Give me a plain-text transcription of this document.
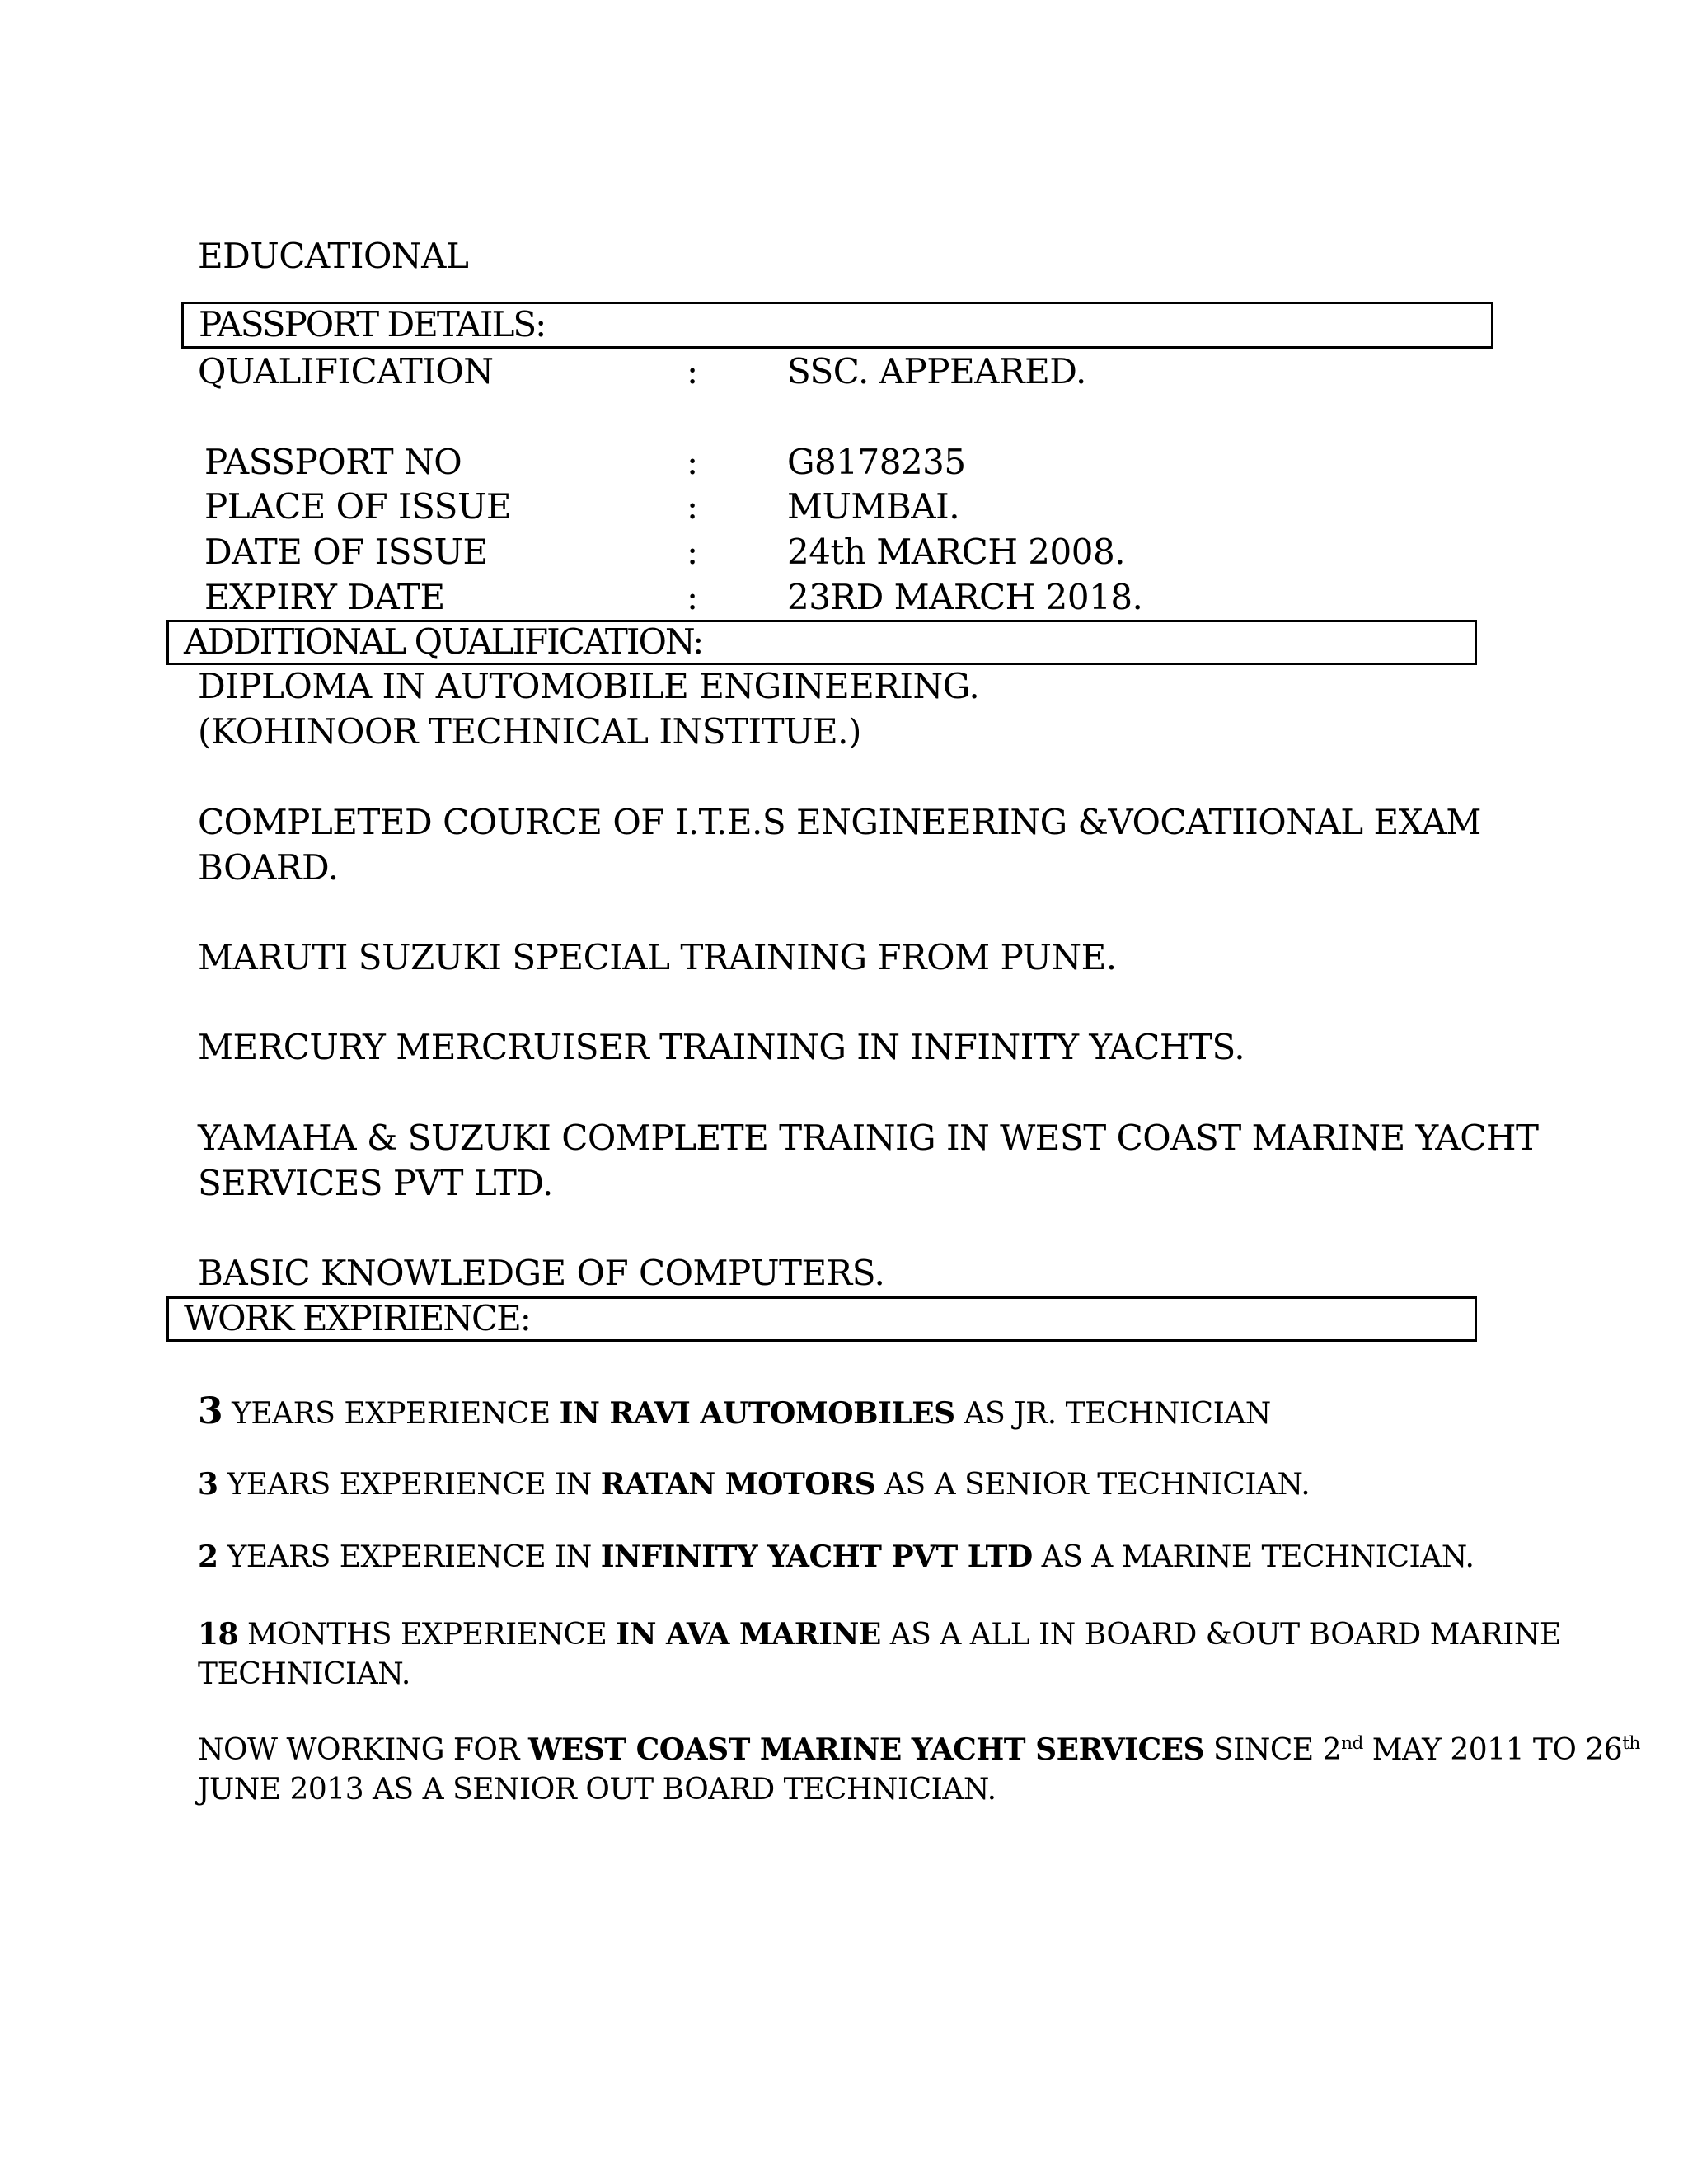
EDUCATIONAL
PASSPORT DETAILS:
QUALIFICATION	:	SSC. APPEARED.
PASSPORT NO	:	G8178235
PLACE OF ISSUE	:	MUMBAI.
DATE OF ISSUE	:	24th MARCH 2008.
EXPIRY DATE	:	23RD MARCH 2018.
ADDITIONAL QUALIFICATION:
DIPLOMA IN AUTOMOBILE ENGINEERING.
(KOHINOOR TECHNICAL INSTITUE.)
COMPLETED COURCE OF I.T.E.S ENGINEERING &VOCATIIONAL EXAM
BOARD.
MARUTI SUZUKI SPECIAL TRAINING FROM PUNE.
MERCURY MERCRUISER TRAINING IN INFINITY YACHTS.
YAMAHA & SUZUKI COMPLETE TRAINIG IN WEST COAST MARINE YACHT
SERVICES PVT LTD.
BASIC KNOWLEDGE OF COMPUTERS.
WORK EXPIRIENCE:
3 YEARS EXPERIENCE IN RAVI AUTOMOBILES AS JR. TECHNICIAN
3 YEARS EXPERIENCE IN RATAN MOTORS AS A SENIOR TECHNICIAN.
2 YEARS EXPERIENCE IN INFINITY YACHT PVT LTD AS A MARINE TECHNICIAN.
18 MONTHS EXPERIENCE IN AVA MARINE AS A ALL IN BOARD &OUT BOARD MARINE
TECHNICIAN.
NOW WORKING FOR WEST COAST MARINE YACHT SERVICES SINCE 2nd MAY 2011 TO 26th
JUNE 2013 AS A SENIOR OUT BOARD TECHNICIAN.
